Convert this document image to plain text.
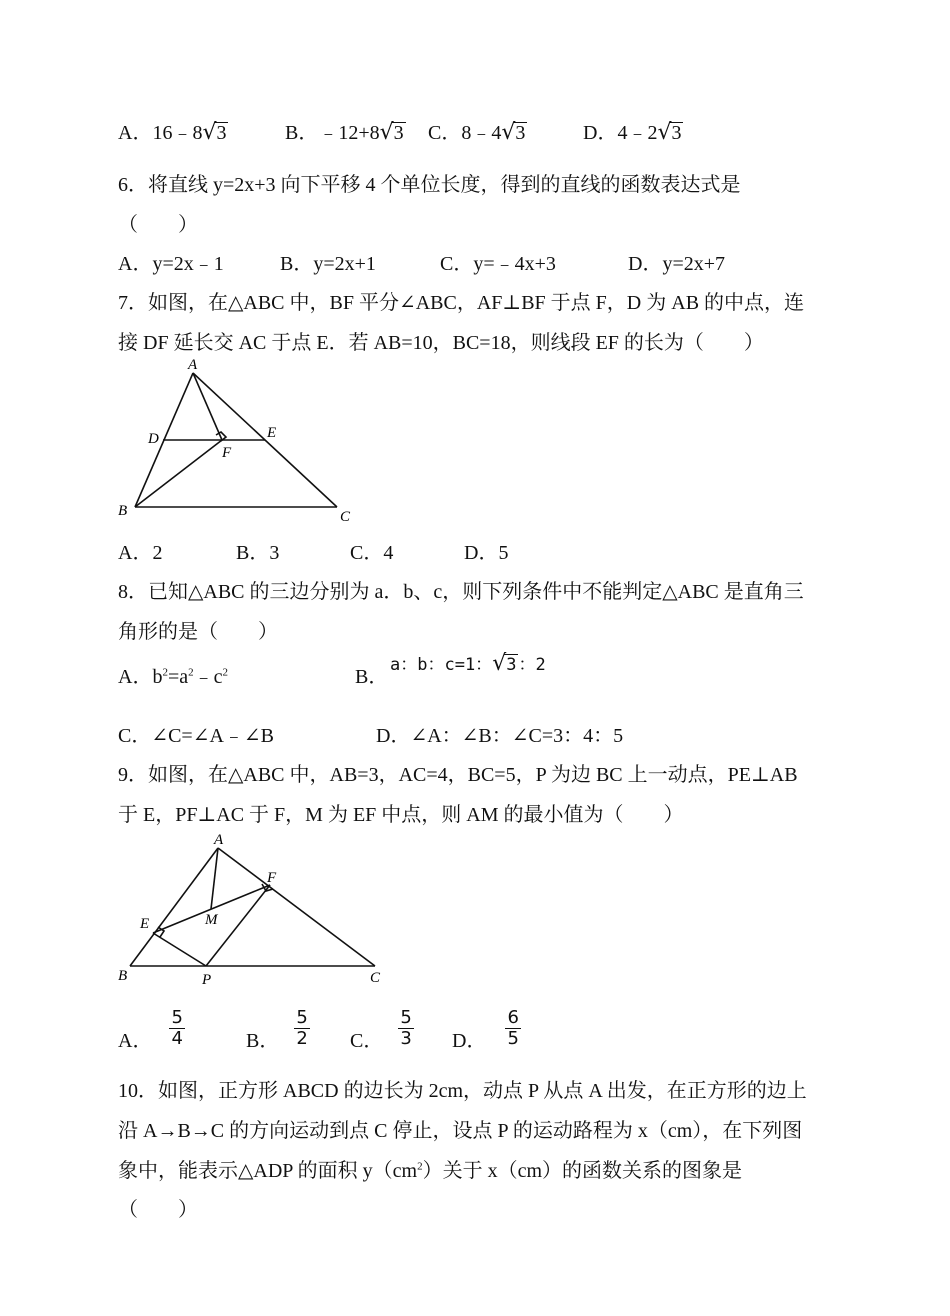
A．16﹣8√3	B．﹣12+8√3 C．8﹣4√3	D．4﹣2√3
6．将直线 y=2x+3 向下平移 4 个单位长度，得到的直线的函数表达式是
（　　）
A．y=2x﹣1	B．y=2x+1	C．y=﹣4x+3	D．y=2x+7
7．如图，在△ABC 中，BF 平分∠ABC，AF⊥BF 于点 F，D 为 AB 的中点，连
接 DF 延长交 AC 于点 E．若 AB=10，BC=18，则线段 EF 的长为（　　）
A
D	E
F
B	C
A．2	B．3	C．4	D．5
8．已知△ABC 的三边分别为 a．b、c，则下列条件中不能判定△ABC 是直角三
角形的是（　　）
A．$b^2=a^2﹣c^2$	B．
a：b：c=1：√3 ：2
C．∠C=∠A﹣∠B	D．∠A：∠B：∠C=3：4：5
9．如图，在△ABC 中，AB=3，AC=4，BC=5，P 为边 BC 上一动点，PE⊥AB
于 E，PF⊥AC 于 F，M 为 EF 中点，则 AM 的最小值为（　　）
A
F
M
E
B	P	C
A． $\frac{5}{4}$	B． $\frac{5}{2}$ C． $\frac{5}{3}$ D． $\frac{6}{5}$
10．如图，正方形 ABCD 的边长为 2cm，动点 P 从点 A 出发，在正方形的边上
沿 A→B→C 的方向运动到点 C 停止，设点 P 的运动路程为 x（cm），在下列图
象中，能表示△ADP 的面积 $y(cm^2)$关于 x（cm）的函数关系的图象是
（　　）
